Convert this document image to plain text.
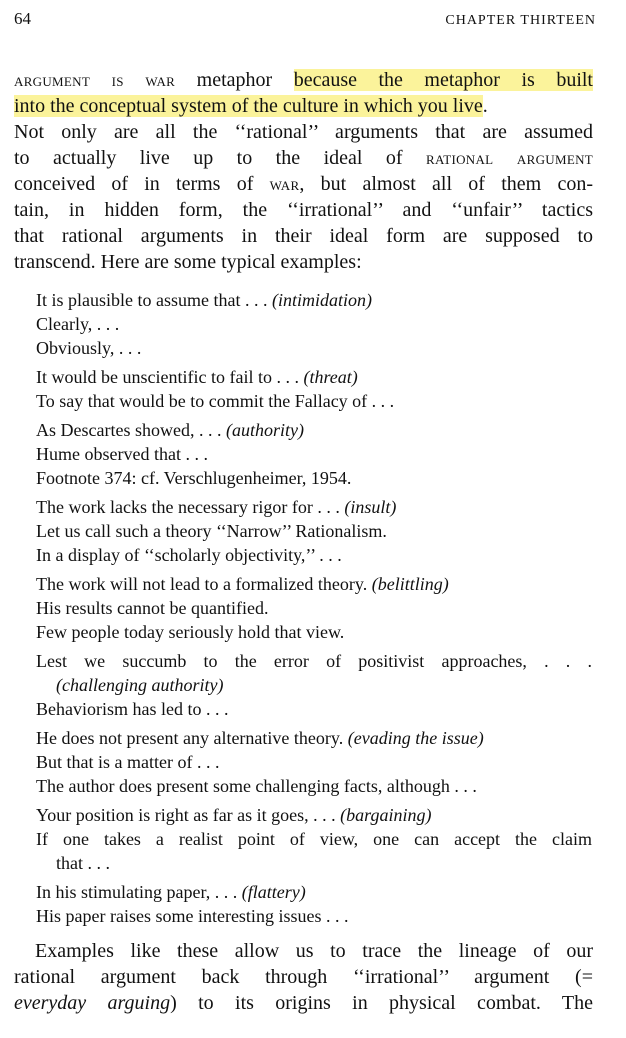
64	CHAPTER THIRTEEN
argument is war metaphor because the metaphor is built
into the conceptual system of the culture in which you live.
Not only are all the ‘‘rational’’ arguments that are assumed
to actually live up to the ideal of rational argument
conceived of in terms of war, but almost all of them con-
tain, in hidden form, the ‘‘irrational’’ and ‘‘unfair’’ tactics
that rational arguments in their ideal form are supposed to
transcend. Here are some typical examples:
It is plausible to assume that . . . (intimidation)
Clearly, . . .
Obviously, . . .
It would be unscientific to fail to . . . (threat)
To say that would be to commit the Fallacy of . . .
As Descartes showed, . . . (authority)
Hume observed that . . .
Footnote 374: cf. Verschlugenheimer, 1954.
The work lacks the necessary rigor for . . . (insult)
Let us call such a theory ‘‘Narrow’’ Rationalism.
In a display of ‘‘scholarly objectivity,’’ . . .
The work will not lead to a formalized theory. (belittling)
His results cannot be quantified.
Few people today seriously hold that view.
Lest we succumb to the error of positivist approaches, . . .
(challenging authority)
Behaviorism has led to . . .
He does not present any alternative theory. (evading the issue)
But that is a matter of . . .
The author does present some challenging facts, although . . .
Your position is right as far as it goes, . . . (bargaining)
If one takes a realist point of view, one can accept the claim
that . . .
In his stimulating paper, . . . (flattery)
His paper raises some interesting issues . . .
Examples like these allow us to trace the lineage of our
rational argument back through ‘‘irrational’’ argument (=
everyday arguing) to its origins in physical combat. The
